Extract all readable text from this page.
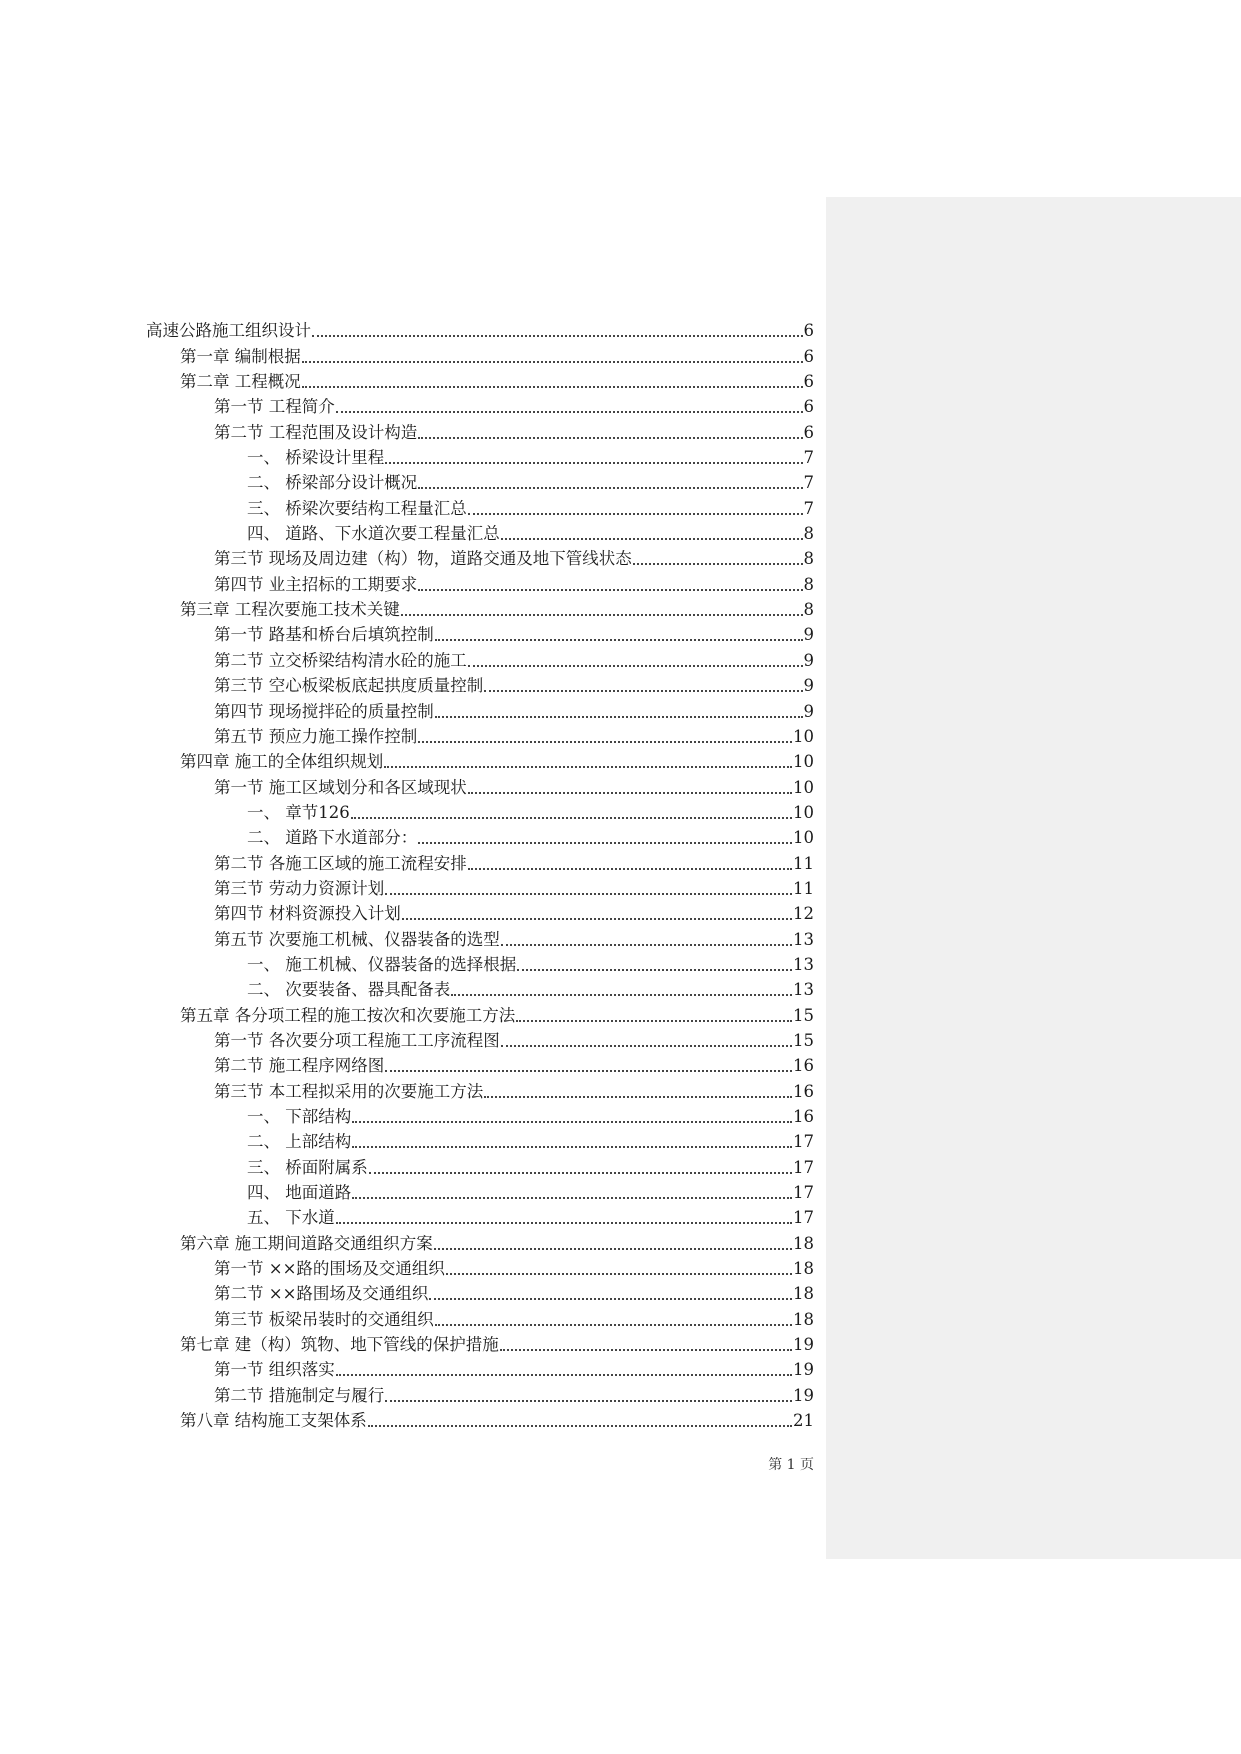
高速公路施工组织设计	6
第一章 编制根据	6
第二章 工程概况	6
第一节 工程简介	6
第二节 工程范围及设计构造	6
一、 桥梁设计里程	7
二、 桥梁部分设计概况	7
三、 桥梁次要结构工程量汇总	7
四、 道路、下水道次要工程量汇总	8
第三节 现场及周边建（构）物，道路交通及地下管线状态	8
第四节 业主招标的工期要求	8
第三章 工程次要施工技术关键	8
第一节 路基和桥台后填筑控制	9
第二节 立交桥梁结构清水砼的施工	9
第三节 空心板梁板底起拱度质量控制	9
第四节 现场搅拌砼的质量控制	9
第五节 预应力施工操作控制	10
第四章 施工的全体组织规划	10
第一节 施工区域划分和各区域现状	10
一、 章节126	10
二、 道路下水道部分：	10
第二节 各施工区域的施工流程安排	11
第三节 劳动力资源计划	11
第四节 材料资源投入计划	12
第五节 次要施工机械、仪器装备的选型	13
一、 施工机械、仪器装备的选择根据	13
二、 次要装备、器具配备表	13
第五章 各分项工程的施工按次和次要施工方法	15
第一节 各次要分项工程施工工序流程图	15
第二节 施工程序网络图	16
第三节 本工程拟采用的次要施工方法	16
一、 下部结构	16
二、 上部结构	17
三、 桥面附属系	17
四、 地面道路	17
五、 下水道	17
第六章 施工期间道路交通组织方案	18
第一节 ××路的围场及交通组织	18
第二节 ××路围场及交通组织	18
第三节 板梁吊装时的交通组织	18
第七章 建（构）筑物、地下管线的保护措施	19
第一节 组织落实	19
第二节 措施制定与履行	19
第八章 结构施工支架体系	21
第 1 页
